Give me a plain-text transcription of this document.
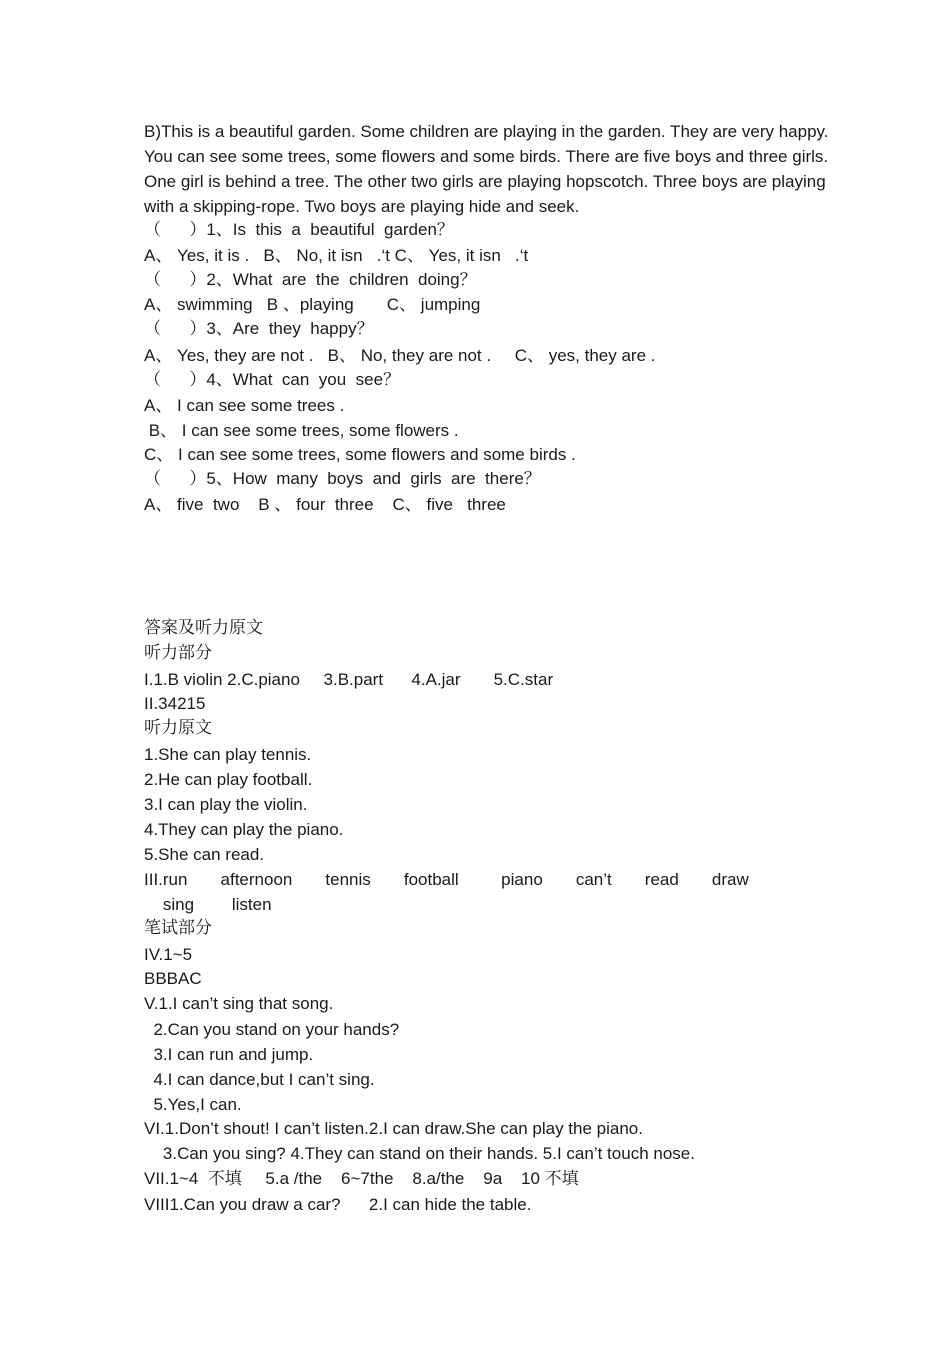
B)This is a beautiful garden. Some children are playing in the garden. They are very happy. You can see some trees, some flowers and some birds. There are five boys and three girls. One girl is behind a tree. The other two girls are playing hopscotch. Three boys are playing with a skipping-rope. Two boys are playing hide and seek.
（      ）1、Is  this  a  beautiful  garden？
A、 Yes, it is .   B、 No, it isn   .‘t C、 Yes, it isn   .‘t
（      ）2、What  are  the  children  doing？
A、 swimming   B 、playing       C、 jumping
（      ）3、Are  they  happy？
A、 Yes, they are not .   B、 No, they are not .     C、 yes, they are .
（      ）4、What  can  you  see？
A、 I can see some trees .
B、 I can see some trees, some flowers .
C、 I can see some trees, some flowers and some birds .
（      ）5、How  many  boys  and  girls  are  there？
A、 five  two    B 、 four  three    C、 five   three
答案及听力原文
听力部分
I.1.B violin 2.C.piano     3.B.part      4.A.jar       5.C.star
II.34215
听力原文
1.She can play tennis.
2.He can play football.
3.I can play the violin.
4.They can play the piano.
5.She can read.
III.run       afternoon       tennis       football         piano       can’t       read       draw
sing        listen
笔试部分
IV.1~5
BBBAC
V.1.I can’t sing that song.
2.Can you stand on your hands?
3.I can run and jump.
4.I can dance,but I can’t sing.
5.Yes,I can.
VI.1.Don’t shout! I can’t listen.2.I can draw.She can play the piano.
3.Can you sing? 4.They can stand on their hands. 5.I can’t touch nose.
VII.1~4  不填     5.a /the    6~7the    8.a/the    9a    10 不填
VIII1.Can you draw a car?      2.I can hide the table.
